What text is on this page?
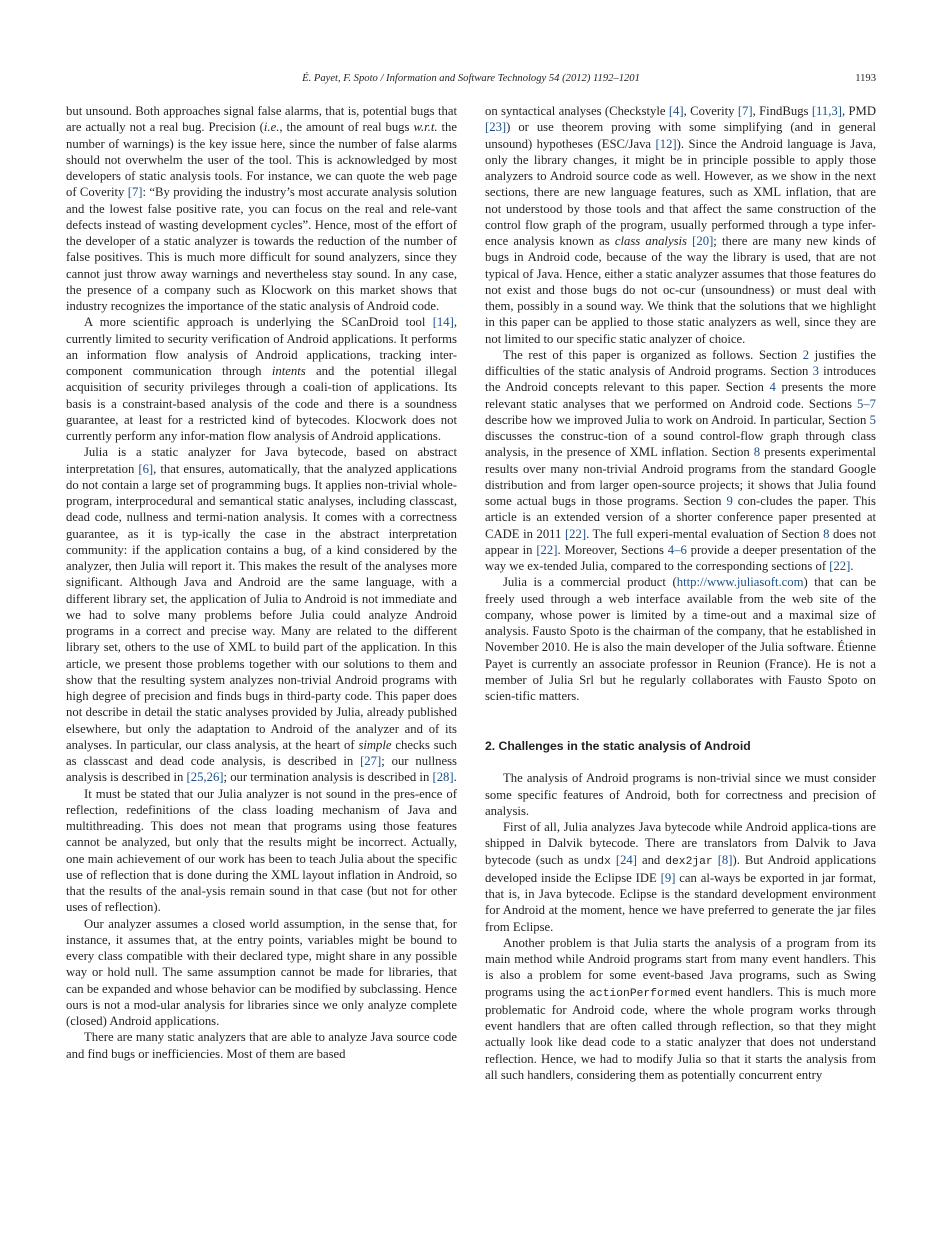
É. Payet, F. Spoto / Information and Software Technology 54 (2012) 1192–1201	1193

but unsound. Both approaches signal false alarms, that is, potential bugs that are actually not a real bug. Precision (i.e., the amount of real bugs w.r.t. the number of warnings) is the key issue here, since the number of false alarms should not overwhelm the user of the tool. This is acknowledged by most developers of static analysis tools. For instance, we can quote the web page of Coverity [7]: “By providing the industry’s most accurate analysis solution and the lowest false positive rate, you can focus on the real and rele-vant defects instead of wasting development cycles”. Hence, most of the effort of the developer of a static analyzer is towards the reduction of the number of false positives. This is much more difficult for sound analyzers, since they cannot just throw away warnings and nevertheless stay sound. In any case, the presence of a company such as Klocwork on this market shows that industry recognizes the importance of the static analysis of Android code.

A more scientific approach is underlying the SCanDroid tool [14], currently limited to security verification of Android applications. It performs an information flow analysis of Android applications, tracking inter-component communication through intents and the potential illegal acquisition of security privileges through a coali-tion of applications. Its basis is a constraint-based analysis of the code and there is a soundness guarantee, at least for a restricted kind of bytecodes. Klocwork does not currently perform any infor-mation flow analysis of Android applications.

Julia is a static analyzer for Java bytecode, based on abstract interpretation [6], that ensures, automatically, that the analyzed applications do not contain a large set of programming bugs. It applies non-trivial whole-program, interprocedural and semantical static analyses, including classcast, dead code, nullness and termi-nation analysis. It comes with a correctness guarantee, as it is typ-ically the case in the abstract interpretation community: if the application contains a bug, of a kind considered by the analyzer, then Julia will report it. This makes the result of the analyses more significant. Although Java and Android are the same language, with a different library set, the application of Julia to Android is not immediate and we had to solve many problems before Julia could analyze Android programs in a correct and precise way. Many are related to the different library set, others to the use of XML to build part of the application. In this article, we present those problems together with our solutions to them and show that the resulting system analyzes non-trivial Android programs with high degree of precision and finds bugs in third-party code. This paper does not describe in detail the static analyses provided by Julia, already published elsewhere, but only the adaptation to Android of the analyzer and of its analyses. In particular, our class analysis, at the heart of simple checks such as classcast and dead code analysis, is described in [27]; our nullness analysis is described in [25,26]; our termination analysis is described in [28].

It must be stated that our Julia analyzer is not sound in the pres-ence of reflection, redefinitions of the class loading mechanism of Java and multithreading. This does not mean that programs using those features cannot be analyzed, but only that the results might be incorrect. Actually, one main achievement of our work has been to teach Julia about the specific use of reflection that is done during the XML layout inflation in Android, so that the results of the anal-ysis remain sound in that case (but not for other uses of reflection).

Our analyzer assumes a closed world assumption, in the sense that, for instance, it assumes that, at the entry points, variables might be bound to every class compatible with their declared type, might share in any possible way or hold null. The same assumption cannot be made for libraries, that can be expanded and whose behavior can be modified by subclassing. Hence ours is not a mod-ular analysis for libraries since we only analyze complete (closed) Android applications.

There are many static analyzers that are able to analyze Java source code and find bugs or inefficiencies. Most of them are based

on syntactical analyses (Checkstyle [4], Coverity [7], FindBugs [11,3], PMD [23]) or use theorem proving with some simplifying (and in general unsound) hypotheses (ESC/Java [12]). Since the Android language is Java, only the library changes, it might be in principle possible to apply those analyzers to Android source code as well. However, as we show in the next sections, there are new language features, such as XML inflation, that are not understood by those tools and that affect the same construction of the control flow graph of the program, usually performed through a type infer-ence analysis known as class analysis [20]; there are many new kinds of bugs in Android code, because of the way the library is used, that are not typical of Java. Hence, either a static analyzer assumes that those features do not exist and those bugs do not oc-cur (unsoundness) or must deal with them, possibly in a sound way. We think that the solutions that we highlight in this paper can be applied to those static analyzers as well, since they are not limited to our specific static analyzer of choice.

The rest of this paper is organized as follows. Section 2 justifies the difficulties of the static analysis of Android programs. Section 3 introduces the Android concepts relevant to this paper. Section 4 presents the more relevant static analyses that we performed on Android code. Sections 5–7 describe how we improved Julia to work on Android. In particular, Section 5 discusses the construc-tion of a sound control-flow graph through class analysis, in the presence of XML inflation. Section 8 presents experimental results over many non-trivial Android programs from the standard Google distribution and from larger open-source projects; it shows that Julia found some actual bugs in those programs. Section 9 con-cludes the paper. This article is an extended version of a shorter conference paper presented at CADE in 2011 [22]. The full experi-mental evaluation of Section 8 does not appear in [22]. Moreover, Sections 4–6 provide a deeper presentation of the way we ex-tended Julia, compared to the corresponding sections of [22].

Julia is a commercial product (http://www.juliasoft.com) that can be freely used through a web interface available from the web site of the company, whose power is limited by a time-out and a maximal size of analysis. Fausto Spoto is the chairman of the company, that he established in November 2010. He is also the main developer of the Julia software. Étienne Payet is currently an associate professor in Reunion (France). He is not a member of Julia Srl but he regularly collaborates with Fausto Spoto on scien-tific matters.

2. Challenges in the static analysis of Android

The analysis of Android programs is non-trivial since we must consider some specific features of Android, both for correctness and precision of analysis.

First of all, Julia analyzes Java bytecode while Android applica-tions are shipped in Dalvik bytecode. There are translators from Dalvik to Java bytecode (such as undx [24] and dex2jar [8]). But Android applications developed inside the Eclipse IDE [9] can al-ways be exported in jar format, that is, in Java bytecode. Eclipse is the standard development environment for Android at the moment, hence we have preferred to generate the jar files from Eclipse.

Another problem is that Julia starts the analysis of a program from its main method while Android programs start from many event handlers. This is also a problem for some event-based Java programs, such as Swing programs using the actionPerformed event handlers. This is much more problematic for Android code, where the whole program works through event handlers that are often called through reflection, so that they might actually look like dead code to a static analyzer that does not understand reflection. Hence, we had to modify Julia so that it starts the analysis from all such handlers, considering them as potentially concurrent entry
